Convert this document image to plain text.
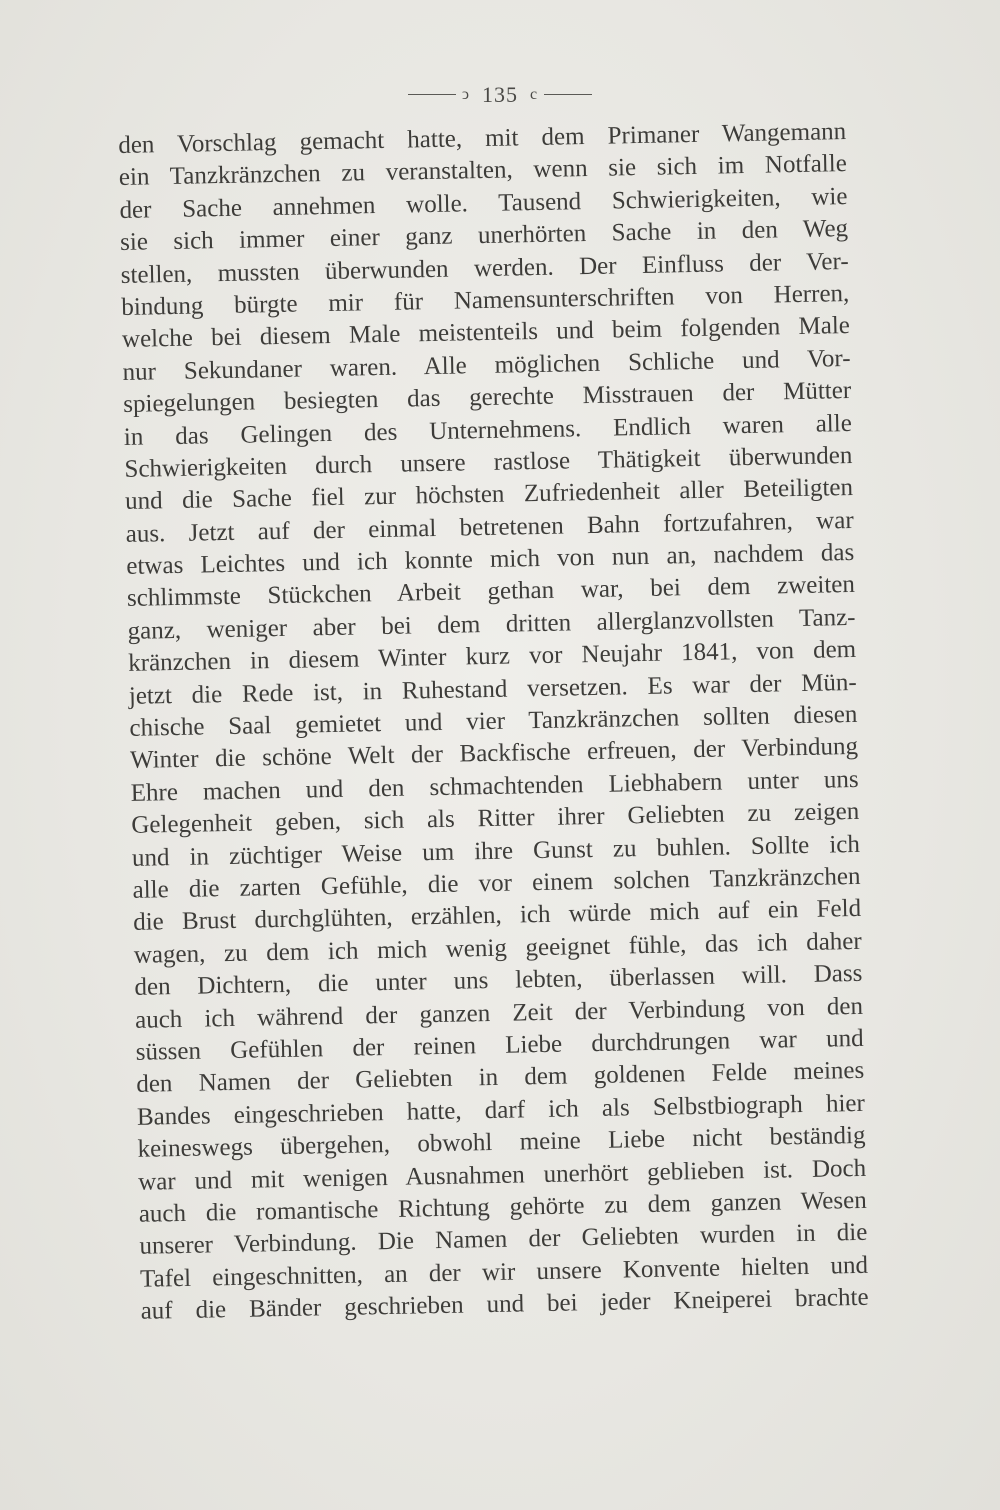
ↄ 135 c
den Vorschlag gemacht hatte, mit dem Primaner Wangemann
ein Tanzkränzchen zu veranstalten, wenn sie sich im Notfalle
der Sache annehmen wolle. Tausend Schwierigkeiten, wie
sie sich immer einer ganz unerhörten Sache in den Weg
stellen, mussten überwunden werden. Der Einfluss der Ver-
bindung bürgte mir für Namensunterschriften von Herren,
welche bei diesem Male meistenteils und beim folgenden Male
nur Sekundaner waren. Alle möglichen Schliche und Vor-
spiegelungen besiegten das gerechte Misstrauen der Mütter
in das Gelingen des Unternehmens. Endlich waren alle
Schwierigkeiten durch unsere rastlose Thätigkeit überwunden
und die Sache fiel zur höchsten Zufriedenheit aller Beteiligten
aus. Jetzt auf der einmal betretenen Bahn fortzufahren, war
etwas Leichtes und ich konnte mich von nun an, nachdem das
schlimmste Stückchen Arbeit gethan war, bei dem zweiten
ganz, weniger aber bei dem dritten allerglanzvollsten Tanz-
kränzchen in diesem Winter kurz vor Neujahr 1841, von dem
jetzt die Rede ist, in Ruhestand versetzen. Es war der Mün-
chische Saal gemietet und vier Tanzkränzchen sollten diesen
Winter die schöne Welt der Backfische erfreuen, der Verbindung
Ehre machen und den schmachtenden Liebhabern unter uns
Gelegenheit geben, sich als Ritter ihrer Geliebten zu zeigen
und in züchtiger Weise um ihre Gunst zu buhlen. Sollte ich
alle die zarten Gefühle, die vor einem solchen Tanzkränzchen
die Brust durchglühten, erzählen, ich würde mich auf ein Feld
wagen, zu dem ich mich wenig geeignet fühle, das ich daher
den Dichtern, die unter uns lebten, überlassen will. Dass
auch ich während der ganzen Zeit der Verbindung von den
süssen Gefühlen der reinen Liebe durchdrungen war und
den Namen der Geliebten in dem goldenen Felde meines
Bandes eingeschrieben hatte, darf ich als Selbstbiograph hier
keineswegs übergehen, obwohl meine Liebe nicht beständig
war und mit wenigen Ausnahmen unerhört geblieben ist. Doch
auch die romantische Richtung gehörte zu dem ganzen Wesen
unserer Verbindung. Die Namen der Geliebten wurden in die
Tafel eingeschnitten, an der wir unsere Konvente hielten und
auf die Bänder geschrieben und bei jeder Kneiperei brachte
